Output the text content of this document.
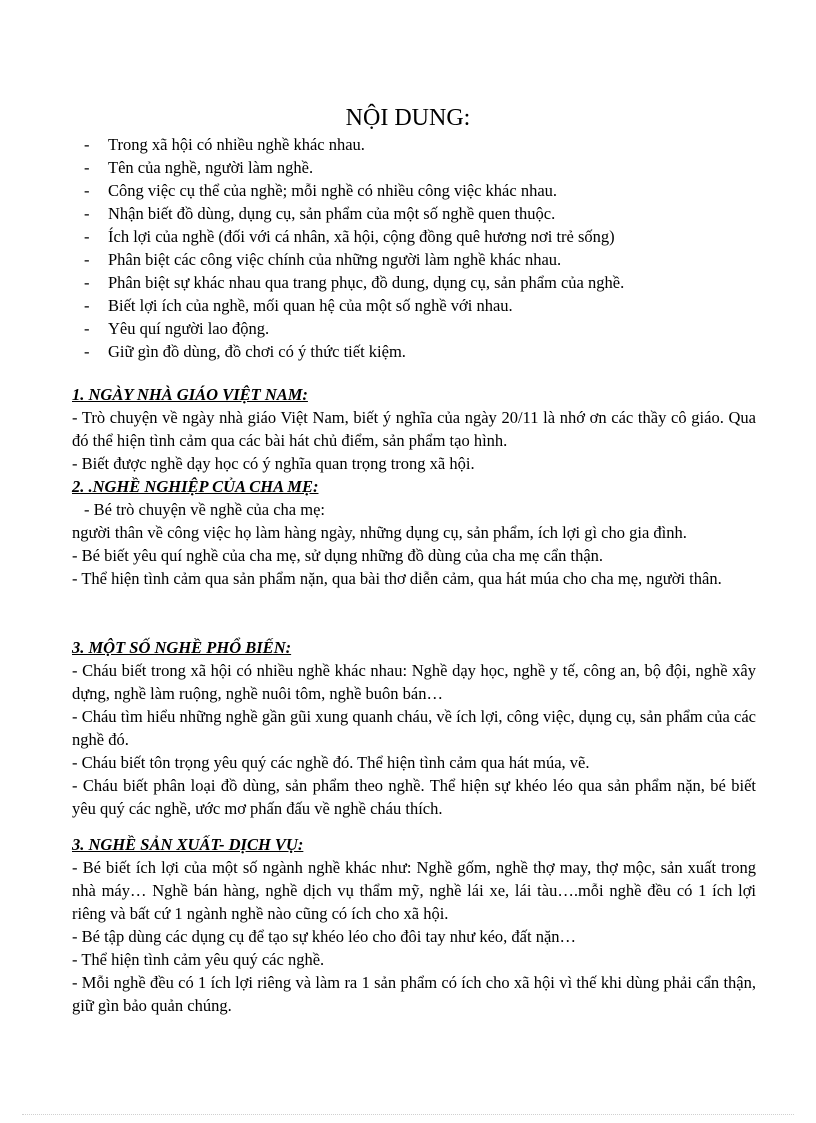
NỘI DUNG:
- Trong xã hội có nhiều nghề khác nhau.
- Tên của nghề, người làm nghề.
- Công việc cụ thể của nghề; mỗi nghề có nhiều công việc khác nhau.
- Nhận biết đồ dùng, dụng cụ, sản phẩm của một số nghề quen thuộc.
- Ích lợi của nghề (đối với cá nhân, xã hội, cộng đồng quê hương nơi trẻ sống)
- Phân biệt các công việc chính của những người làm nghề khác nhau.
- Phân biệt sự khác nhau qua trang phục, đồ dung, dụng cụ, sản phẩm của nghề.
- Biết lợi ích của nghề, mối quan hệ của một số nghề với nhau.
- Yêu quí người lao động.
- Giữ gìn đồ dùng, đồ chơi có ý thức tiết kiệm.

1. NGÀY NHÀ GIÁO VIỆT NAM:

- Trò chuyện về ngày nhà giáo Việt Nam, biết ý nghĩa của ngày 20/11 là nhớ ơn các thầy cô giáo. Qua đó thể hiện tình cảm qua các bài hát chủ điểm, sản phẩm tạo hình.

- Biết được nghề dạy học có ý nghĩa quan trọng trong xã hội.

2. .NGHỀ NGHIỆP CỦA CHA MẸ:

- Bé trò chuyện về nghề của cha mẹ:

người thân về công việc họ làm hàng ngày, những dụng cụ, sản phẩm, ích lợi gì cho gia đình.

- Bé biết yêu quí nghề của cha mẹ, sử dụng những đồ dùng của cha mẹ cẩn thận.

- Thể hiện tình cảm qua sản phẩm nặn, qua bài thơ diễn cảm, qua hát múa cho cha mẹ, người thân.

3. MỘT SỐ NGHỀ PHỔ BIẾN:

- Cháu biết trong xã hội có nhiều nghề khác nhau: Nghề dạy học, nghề y tế, công an, bộ đội, nghề xây dựng, nghề làm ruộng, nghề nuôi tôm, nghề buôn bán…

- Cháu tìm hiểu những nghề gần gũi xung quanh cháu, về ích lợi, công việc, dụng cụ, sản phẩm của các nghề đó.

- Cháu biết tôn trọng yêu quý các nghề đó. Thể hiện tình cảm qua hát múa, vẽ.

- Cháu biết phân loại đồ dùng, sản phẩm theo nghề. Thể hiện sự khéo léo qua sản phẩm nặn, bé biết yêu quý các nghề, ước mơ phấn đấu về nghề cháu thích.

3. NGHỀ SẢN XUẤT- DỊCH VỤ:

- Bé biết ích lợi của một số ngành nghề khác như: Nghề gốm, nghề thợ may, thợ mộc, sản xuất trong nhà máy… Nghề bán hàng, nghề dịch vụ thẩm mỹ, nghề lái xe, lái tàu….mỗi nghề đều có 1 ích lợi riêng và bất cứ 1 ngành nghề nào cũng có ích cho xã hội.

- Bé tập dùng các dụng cụ để tạo sự khéo léo cho đôi tay như kéo, đất nặn…

- Thể hiện tình cảm yêu quý các nghề.

- Mỗi nghề đều có 1 ích lợi riêng và làm ra 1 sản phẩm có ích cho xã hội vì thế khi dùng phải cẩn thận, giữ gìn bảo quản chúng.
